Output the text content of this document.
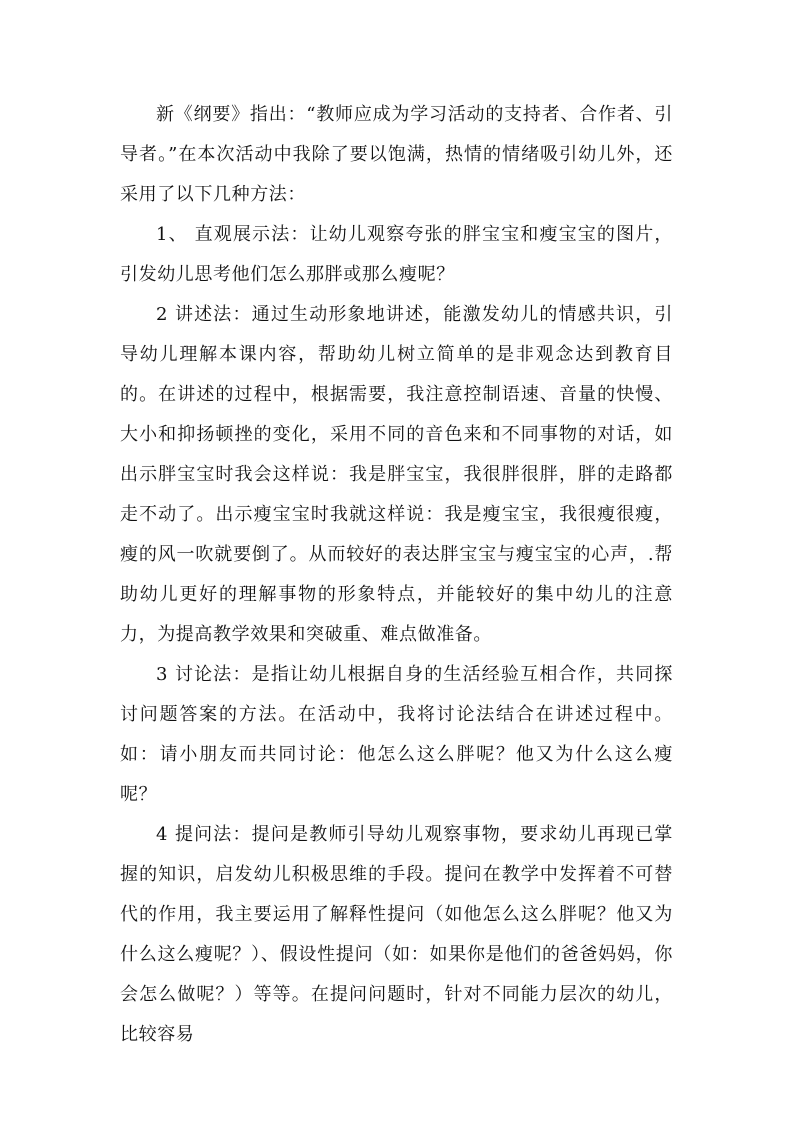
新《纲要》指出：“教师应成为学习活动的支持者、合作者、引导者。”在本次活动中我除了要以饱满，热情的情绪吸引幼儿外，还采用了以下几种方法：

1、 直观展示法：让幼儿观察夸张的胖宝宝和瘦宝宝的图片，引发幼儿思考他们怎么那胖或那么瘦呢？

2 讲述法：通过生动形象地讲述，能激发幼儿的情感共识，引导幼儿理解本课内容，帮助幼儿树立简单的是非观念达到教育目的。在讲述的过程中，根据需要，我注意控制语速、音量的快慢、大小和抑扬顿挫的变化，采用不同的音色来和不同事物的对话，如出示胖宝宝时我会这样说：我是胖宝宝，我很胖很胖，胖的走路都走不动了。出示瘦宝宝时我就这样说：我是瘦宝宝，我很瘦很瘦，瘦的风一吹就要倒了。从而较好的表达胖宝宝与瘦宝宝的心声，.帮助幼儿更好的理解事物的形象特点，并能较好的集中幼儿的注意力，为提高教学效果和突破重、难点做准备。

3 讨论法：是指让幼儿根据自身的生活经验互相合作，共同探讨问题答案的方法。在活动中，我将讨论法结合在讲述过程中。如：请小朋友而共同讨论：他怎么这么胖呢？他又为什么这么瘦呢？

4 提问法：提问是教师引导幼儿观察事物，要求幼儿再现已掌握的知识，启发幼儿积极思维的手段。提问在教学中发挥着不可替代的作用，我主要运用了解释性提问（如他怎么这么胖呢？他又为什么这么瘦呢？）、假设性提问（如：如果你是他们的爸爸妈妈，你会怎么做呢？）等等。在提问问题时，针对不同能力层次的幼儿，比较容易
